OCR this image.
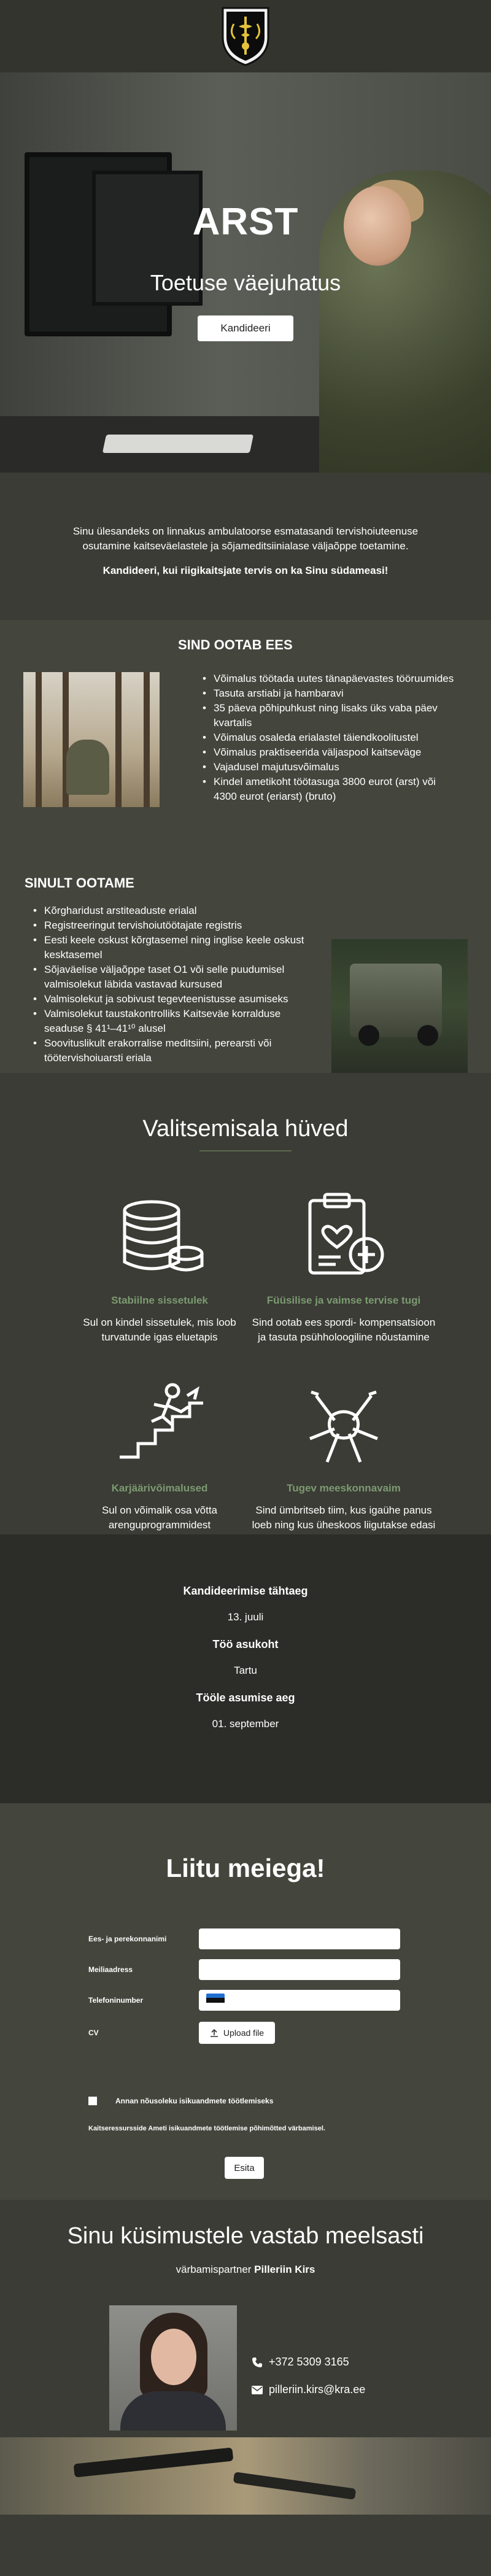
ARST
Toetuse väejuhatus
Kandideeri

Sinu ülesandeks on linnakus ambulatoorse esmatasandi tervishoiuteenuse osutamine kaitseväelastele ja sõjameditsiinialase väljaõppe toetamine.

Kandideeri, kui riigikaitsjate tervis on ka Sinu südameasi!

SIND OOTAB EES
• Võimalus töötada uutes tänapäevastes tööruumides
• Tasuta arstiabi ja hambaravi
• 35 päeva põhipuhkust ning lisaks üks vaba päev kvartalis
• Võimalus osaleda erialastel täiendkoolitustel
• Võimalus praktiseerida väljaspool kaitseväge
• Vajadusel majutusvõimalus
• Kindel ametikoht töötasuga 3800 eurot (arst) või 4300 eurot (eriarst) (bruto)
SINULT OOTAME
• Kõrgharidust arstiteaduste erialal
• Registreeringut tervishoiutöötajate registris
• Eesti keele oskust kõrgtasemel ning inglise keele oskust kesktasemel
• Sõjaväelise väljaõppe taset O1 või selle puudumisel valmisolekut läbida vastavad kursused
• Valmisolekut ja sobivust tegevteenistusse asumiseks
• Valmisolekut taustakontrolliks Kaitseväe korralduse seaduse § 41¹–41¹⁰ alusel
• Soovituslikult erakorralise meditsiini, perearsti või töötervishoiuarsti eriala
Valitsemisala hüved
Stabiilne sissetulek
Sul on kindel sissetulek, mis loob turvatunde igas eluetapis
Füüsilise ja vaimse tervise tugi
Sind ootab ees spordi- kompensatsioon ja tasuta psühholoogiline nõustamine
Karjäärivõimalused
Sul on võimalik osa võtta arenguprogrammidest
Tugev meeskonnavaim
Sind ümbritseb tiim, kus igaühe panus loeb ning kus üheskoos liigutakse edasi
Kandideerimise tähtaeg
13. juuli
Töö asukoht
Tartu
Tööle asumise aeg
01. september
Liitu meiega!
Ees- ja perekonnanimi
Meiliaadress
Telefoninumber
CV	Upload file
Annan nõusoleku isikuandmete töötlemiseks
Kaitseressursside Ameti isikuandmete töötlemise põhimõtted värbamisel.
Esita
Sinu küsimustele vastab meelsasti
värbamispartner Pilleriin Kirs
+372 5309 3165
pilleriin.kirs@kra.ee
